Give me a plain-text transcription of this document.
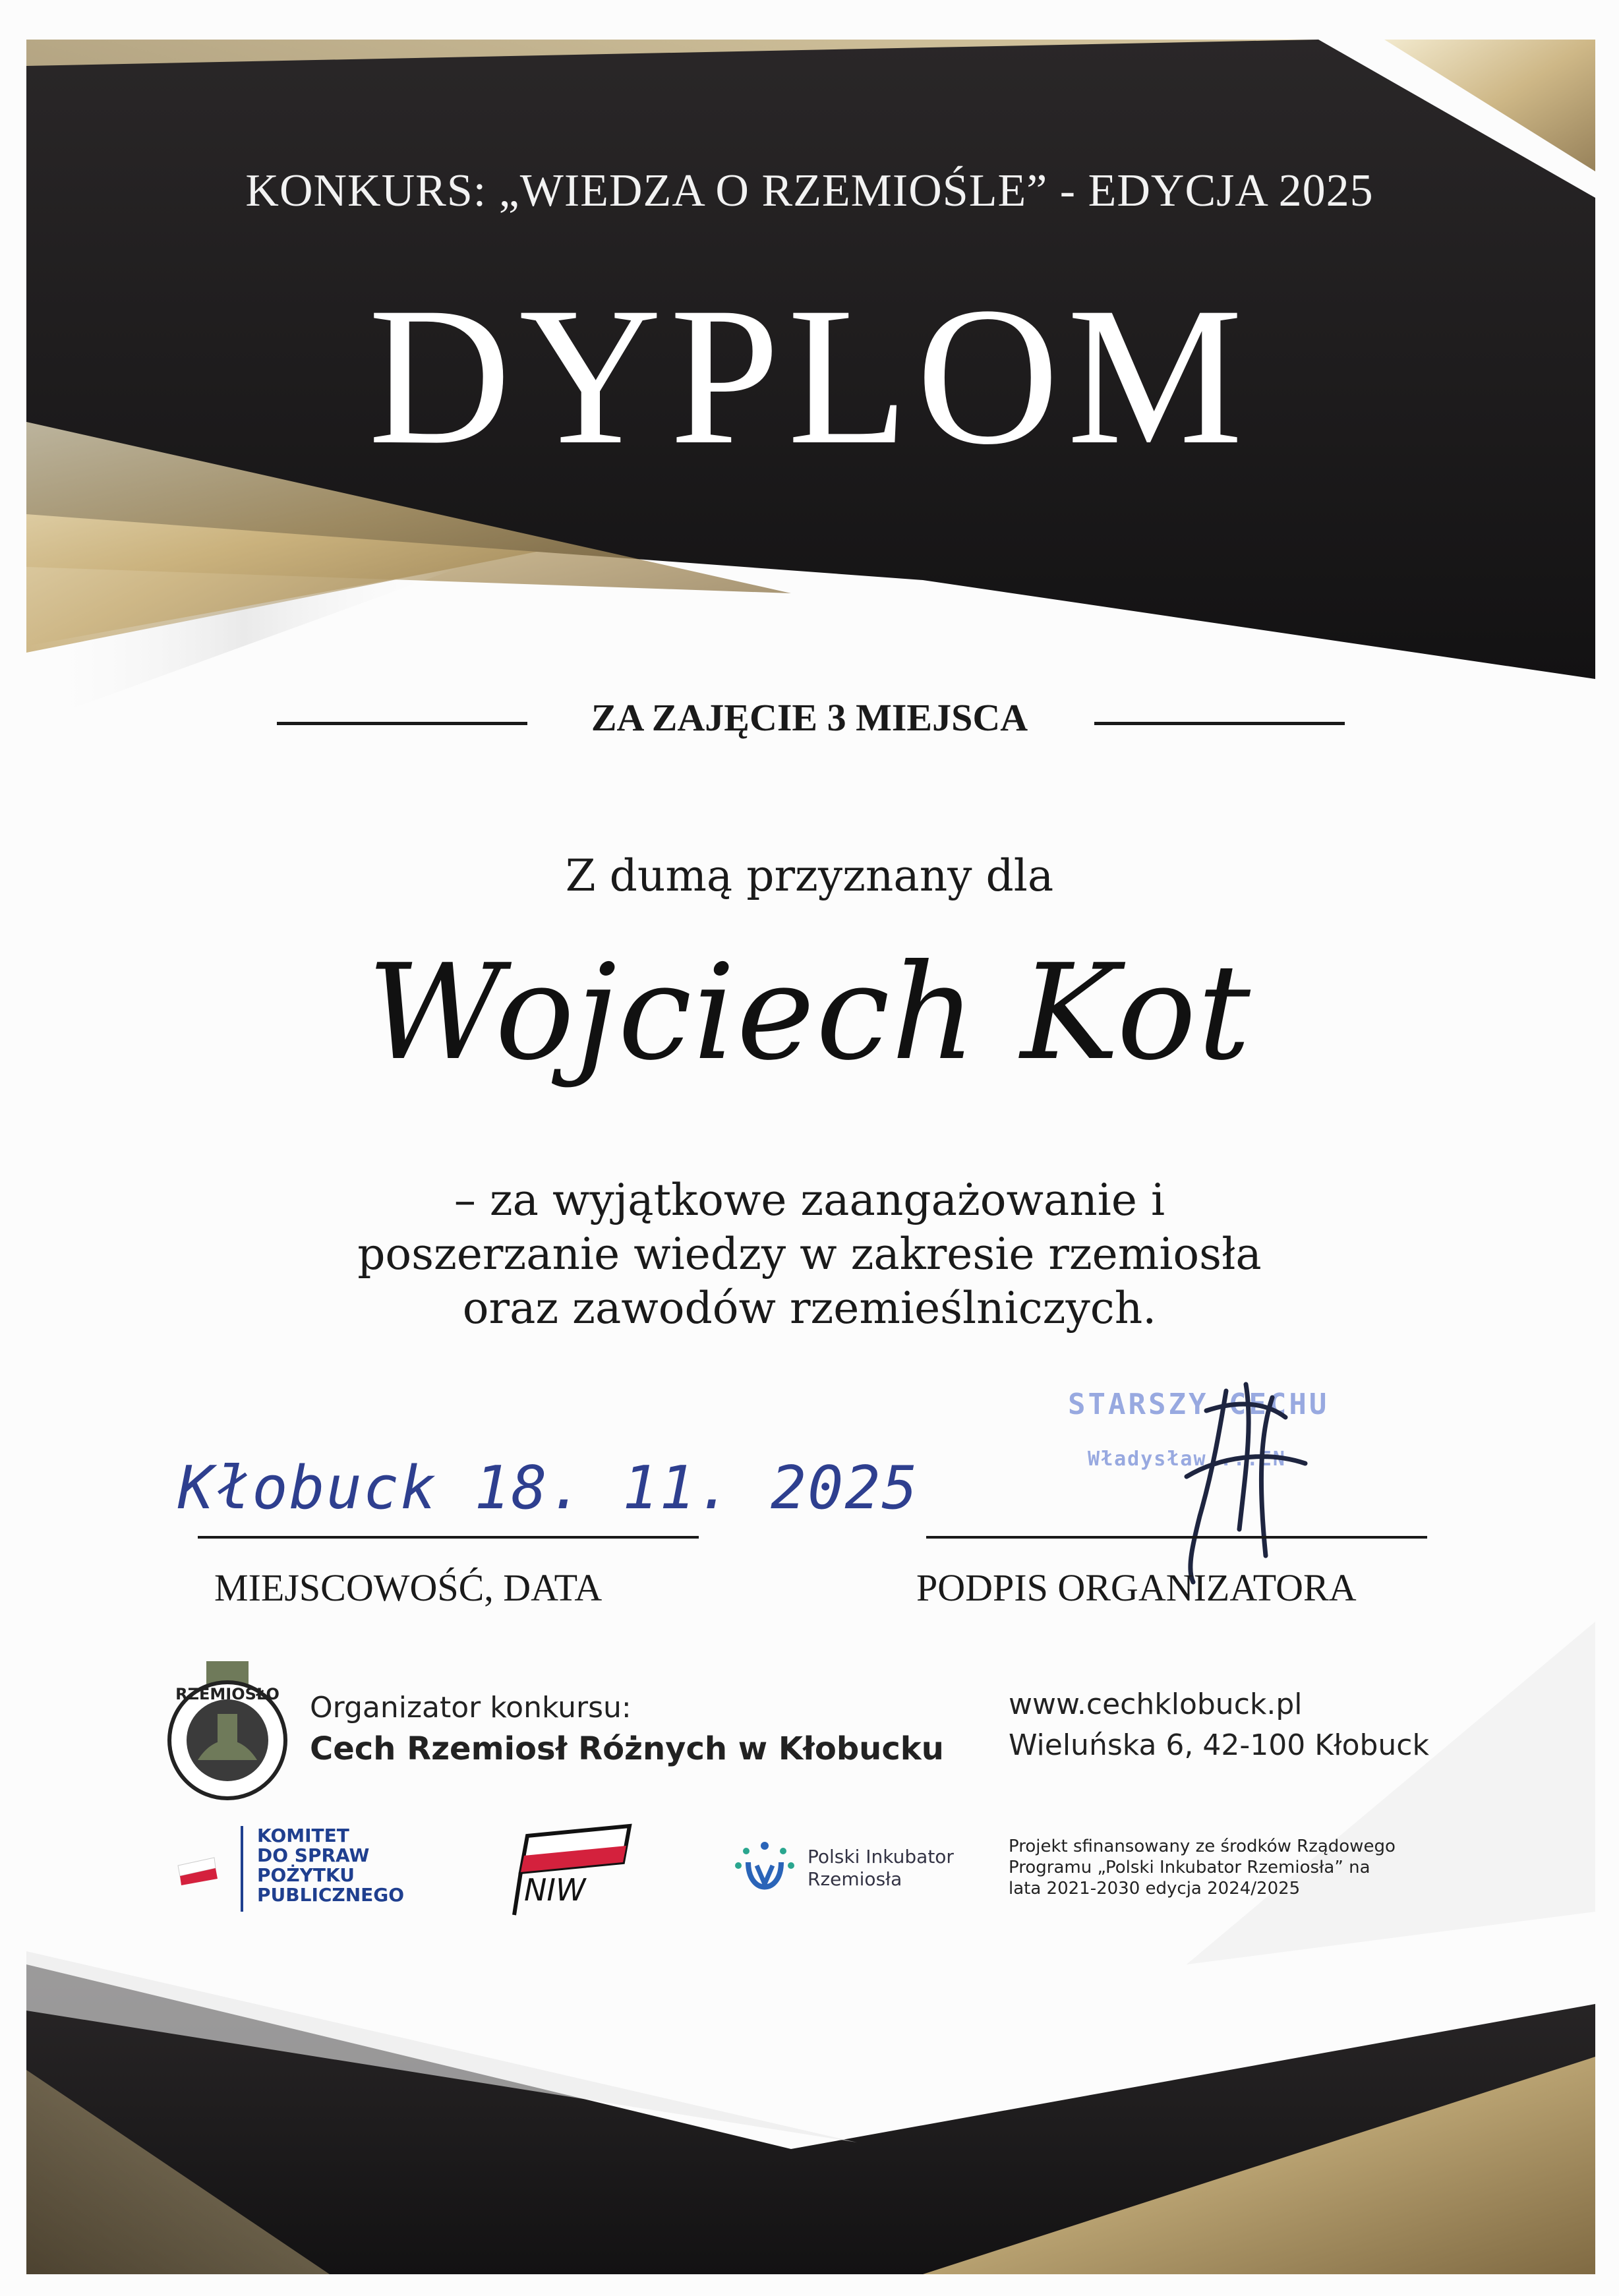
KONKURS: „WIEDZA O RZEMIOŚLE” - EDYCJA 2025
DYPLOM
ZA ZAJĘCIE 3 MIEJSCA
Z dumą przyznany dla
Wojciech Kot
– za wyjątkowe zaangażowanie i
poszerzanie wiedzy w zakresie rzemiosła
oraz zawodów rzemieślniczych.
Kłobuck 18. 11. 2025
MIEJSCOWOŚĆ, DATA
STARSZY CECHU
Władysław ...EN
PODPIS ORGANIZATORA
RZEMIOSŁO Organizator konkursu:
Cech Rzemiosł Różnych w Kłobucku
www.cechklobuck.pl
Wieluńska 6, 42-100 Kłobuck
KOMITET
DO SPRAW
POŻYTKU
PUBLICZNEGO	NIW
Polski Inkubator
Rzemiosła
Projekt sfinansowany ze środków Rządowego
Programu „Polski Inkubator Rzemiosła” na
lata 2021-2030 edycja 2024/2025
